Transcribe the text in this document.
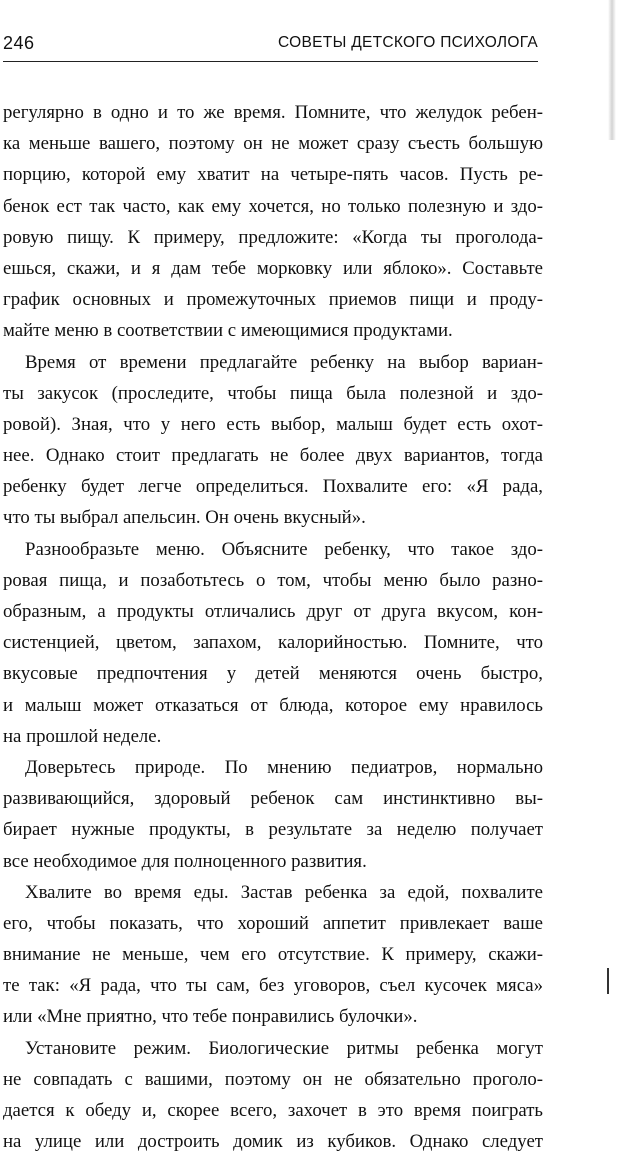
246	СОВЕТЫ ДЕТСКОГО ПСИХОЛОГА
регулярно в одно и то же время. Помните, что желудок ребен-
ка меньше вашего, поэтому он не может сразу съесть большую
порцию, которой ему хватит на четыре-пять часов. Пусть ре-
бенок ест так часто, как ему хочется, но только полезную и здо-
ровую пищу. К примеру, предложите: «Когда ты проголода-
ешься, скажи, и я дам тебе морковку или яблоко». Составьте
график основных и промежуточных приемов пищи и проду-
майте меню в соответствии с имеющимися продуктами.
Время от времени предлагайте ребенку на выбор вариан-
ты закусок (проследите, чтобы пища была полезной и здо-
ровой). Зная, что у него есть выбор, малыш будет есть охот-
нее. Однако стоит предлагать не более двух вариантов, тогда
ребенку будет легче определиться. Похвалите его: «Я рада,
что ты выбрал апельсин. Он очень вкусный».
Разнообразьте меню. Объясните ребенку, что такое здо-
ровая пища, и позаботьтесь о том, чтобы меню было разно-
образным, а продукты отличались друг от друга вкусом, кон-
систенцией, цветом, запахом, калорийностью. Помните, что
вкусовые предпочтения у детей меняются очень быстро,
и малыш может отказаться от блюда, которое ему нравилось
на прошлой неделе.
Доверьтесь природе. По мнению педиатров, нормально
развивающийся, здоровый ребенок сам инстинктивно вы-
бирает нужные продукты, в результате за неделю получает
все необходимое для полноценного развития.
Хвалите во время еды. Застав ребенка за едой, похвалите
его, чтобы показать, что хороший аппетит привлекает ваше
внимание не меньше, чем его отсутствие. К примеру, скажи-
те так: «Я рада, что ты сам, без уговоров, съел кусочек мяса»
или «Мне приятно, что тебе понравились булочки».
Установите режим. Биологические ритмы ребенка могут
не совпадать с вашими, поэтому он не обязательно проголо-
дается к обеду и, скорее всего, захочет в это время поиграть
на улице или достроить домик из кубиков. Однако следует
